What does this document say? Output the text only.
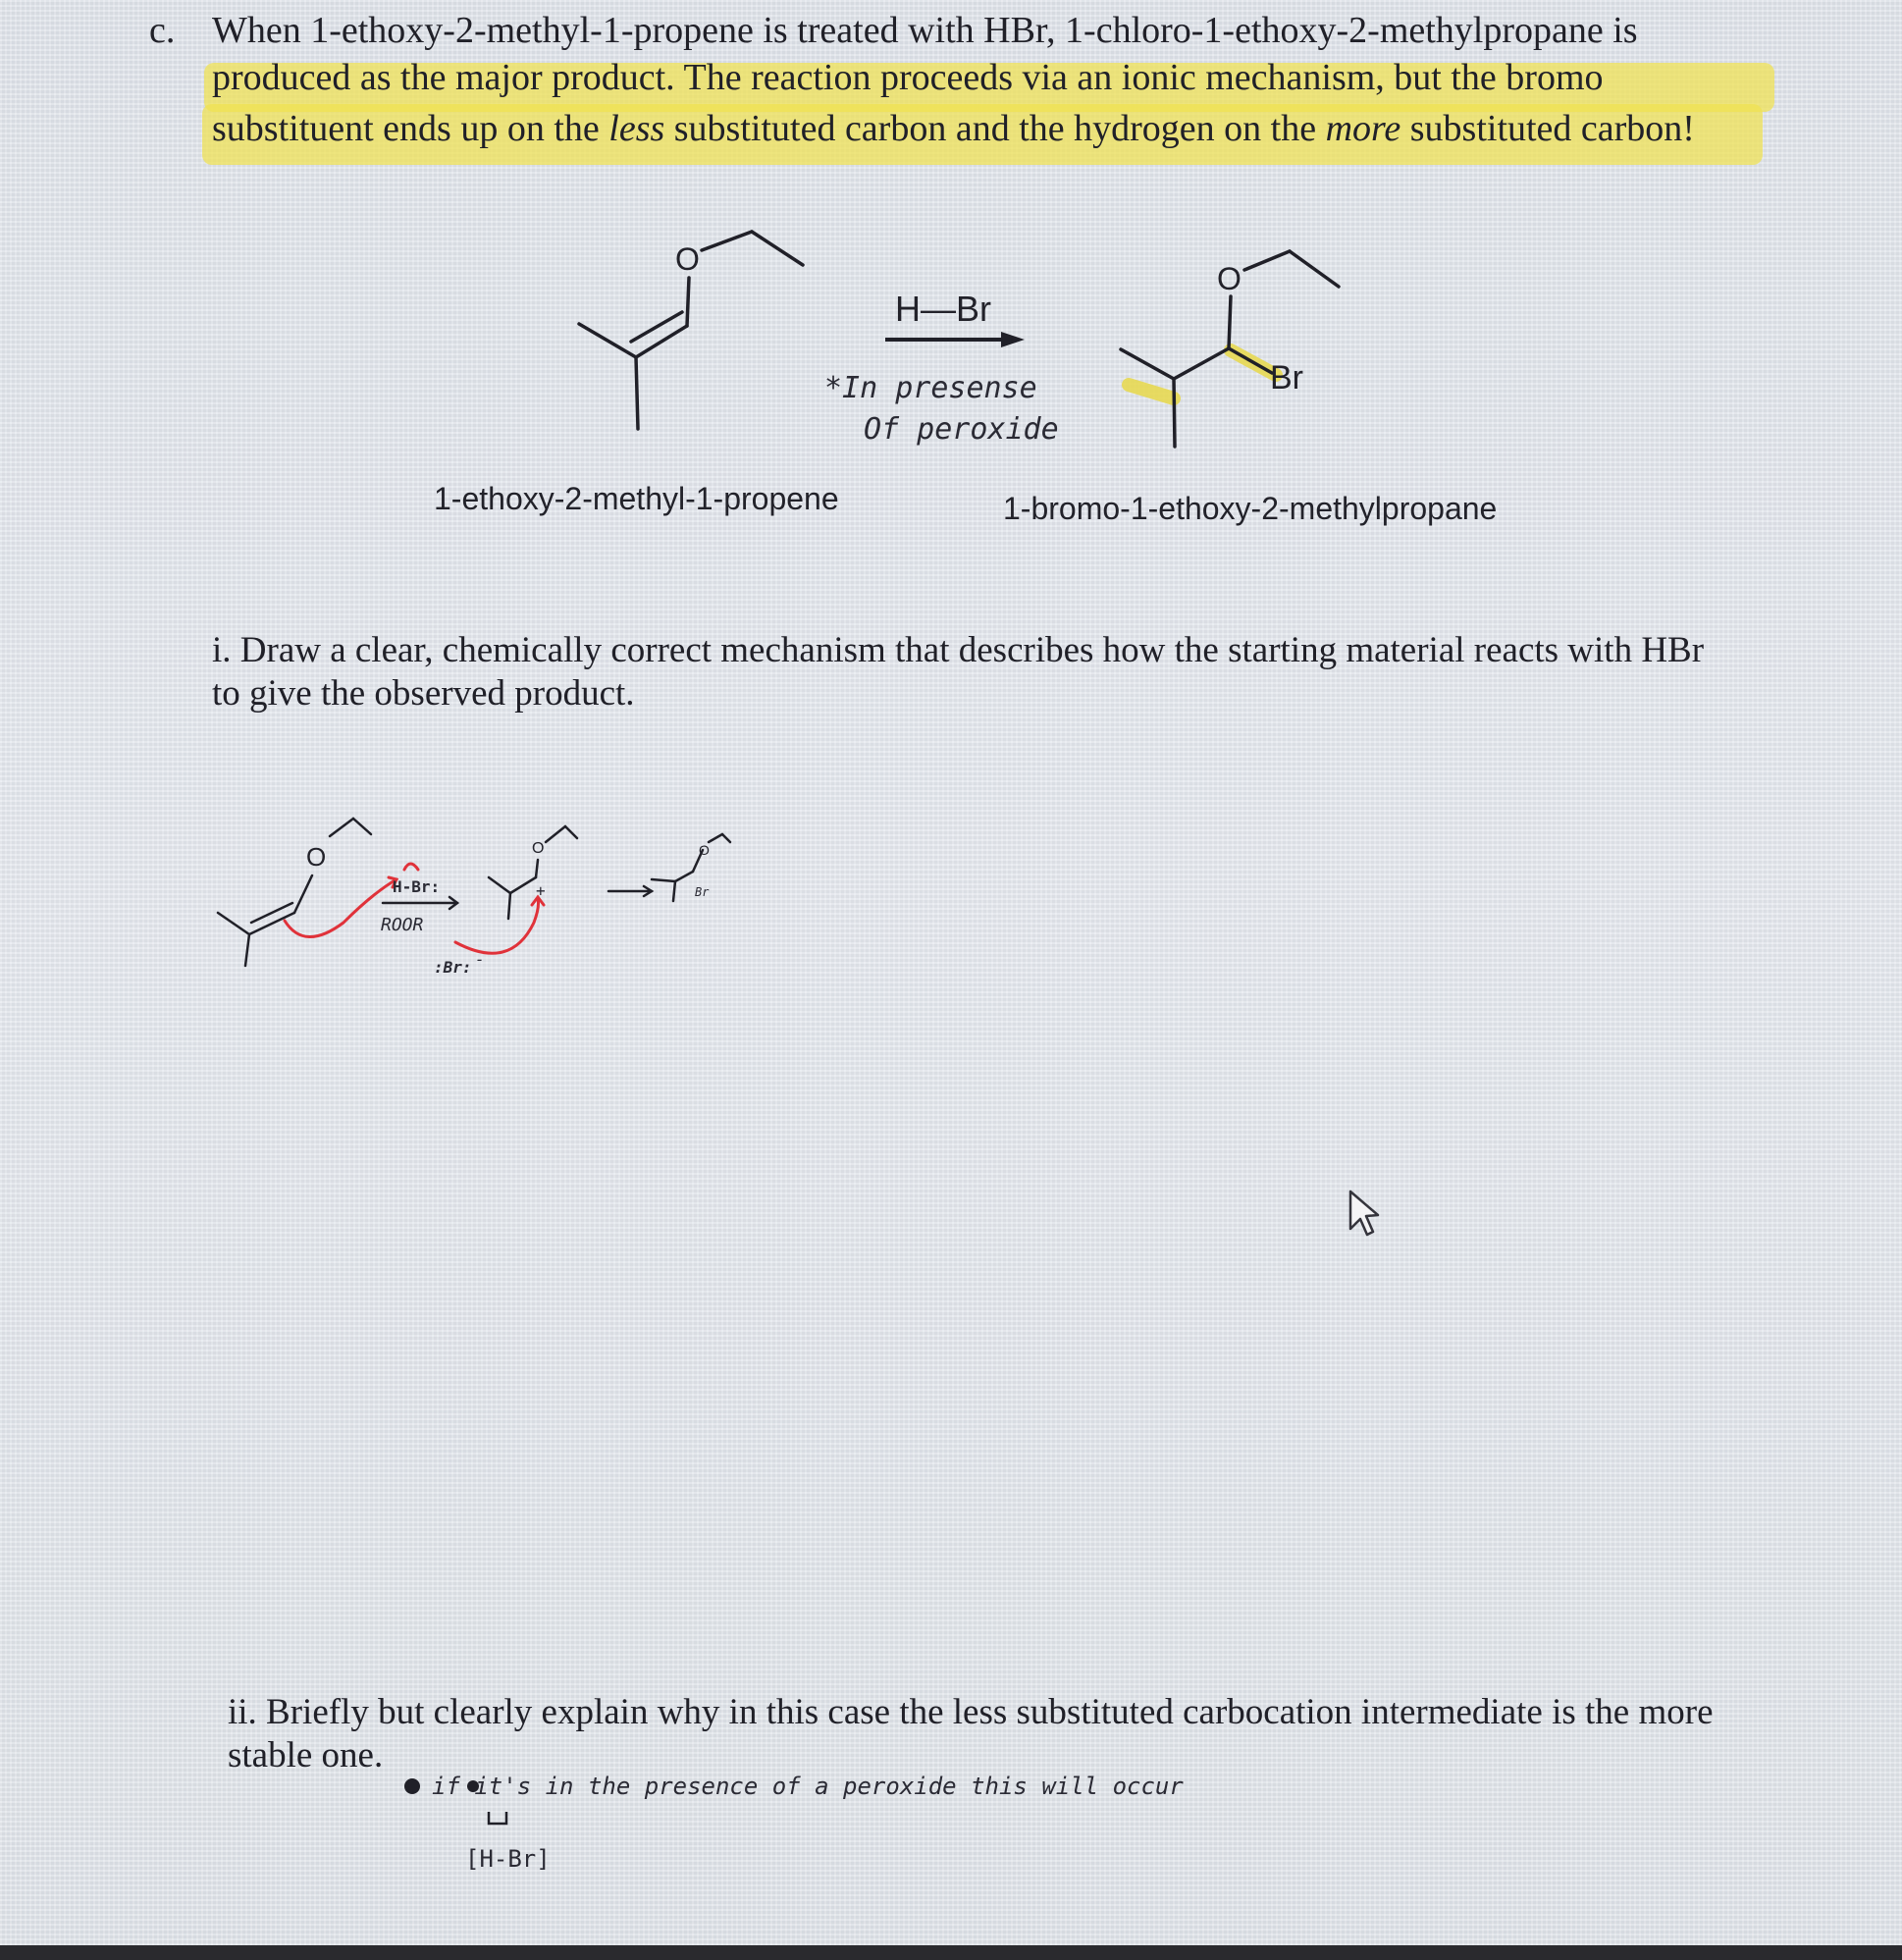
c. When 1-ethoxy-2-methyl-1-propene is treated with HBr, 1-chloro-1-ethoxy-2-methylpropane is
produced as the major product. The reaction proceeds via an ionic mechanism, but the bromo
substituent ends up on the less substituted carbon and the hydrogen on the more substituted carbon!
O
H—Br
*In presense
Of peroxide
O
Br
1-ethoxy-2-methyl-1-propene	1-bromo-1-ethoxy-2-methylpropane
i. Draw a clear, chemically correct mechanism that describes how the starting material reacts with HBr
to give the observed product.
O
H-Br:
ROOR
:Br: -
+
O	O
Br
ii. Briefly but clearly explain why in this case the less substituted carbocation intermediate is the more
stable one.
if it's in the presence of a peroxide this will occur
[H-Br]
